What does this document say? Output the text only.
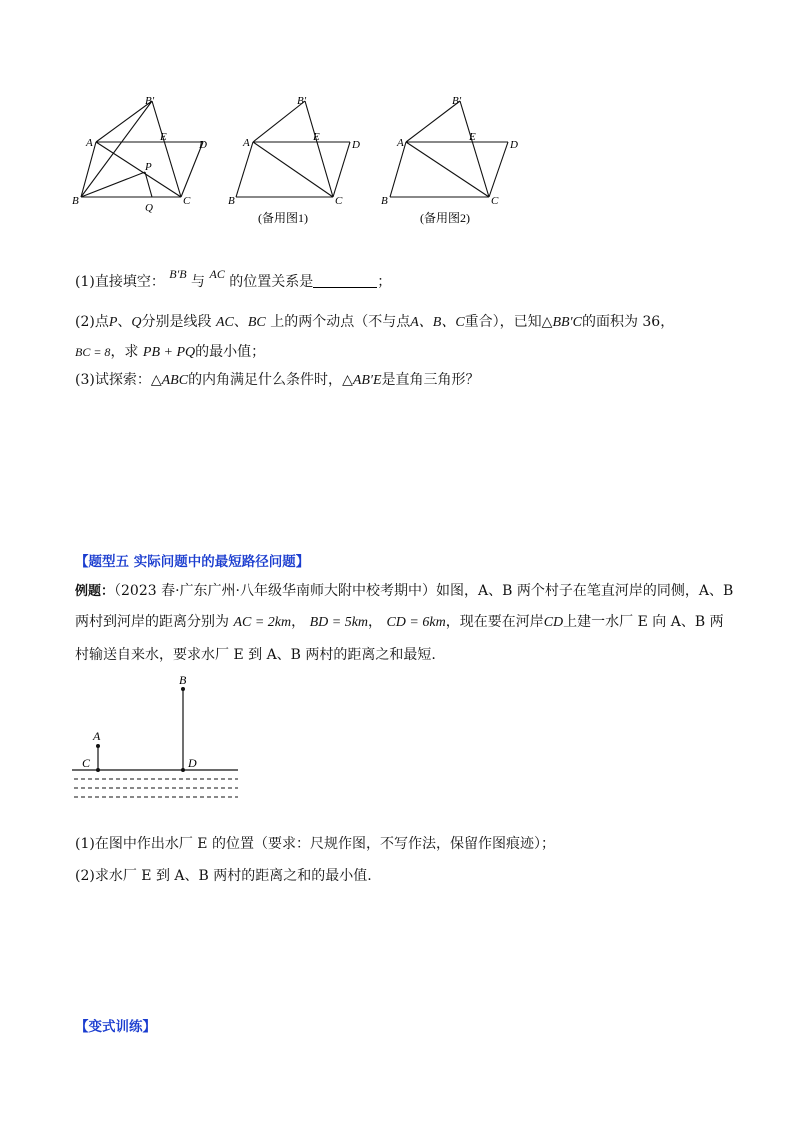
B′
A	E
D
P
B
Q
C
B′
A	E
D
B	C
(备用图1)
B′
A	E
D
B	C
(备用图2)
(1)直接填空： B′B 与 AC 的位置关系是	；
(2)点P、Q分别是线段 AC、BC 上的两个动点（不与点A、B、C重合），已知△BB′C的面积为 36，
BC = 8，求 PB + PQ的最小值；
(3)试探索：△ABC的内角满足什么条件时，△AB′E是直角三角形？
【题型五 实际问题中的最短路径问题】
例题：（2023 春·广东广州·八年级华南师大附中校考期中）如图，A、B 两个村子在笔直河岸的同侧，A、B
两村到河岸的距离分别为 AC = 2km， BD = 5km， CD = 6km，现在要在河岸CD上建一水厂 E 向 A、B 两
村输送自来水，要求水厂 E 到 A、B 两村的距离之和最短.
B
A
C	D
(1)在图中作出水厂 E 的位置（要求：尺规作图，不写作法，保留作图痕迹）；
(2)求水厂 E 到 A、B 两村的距离之和的最小值.
【变式训练】
